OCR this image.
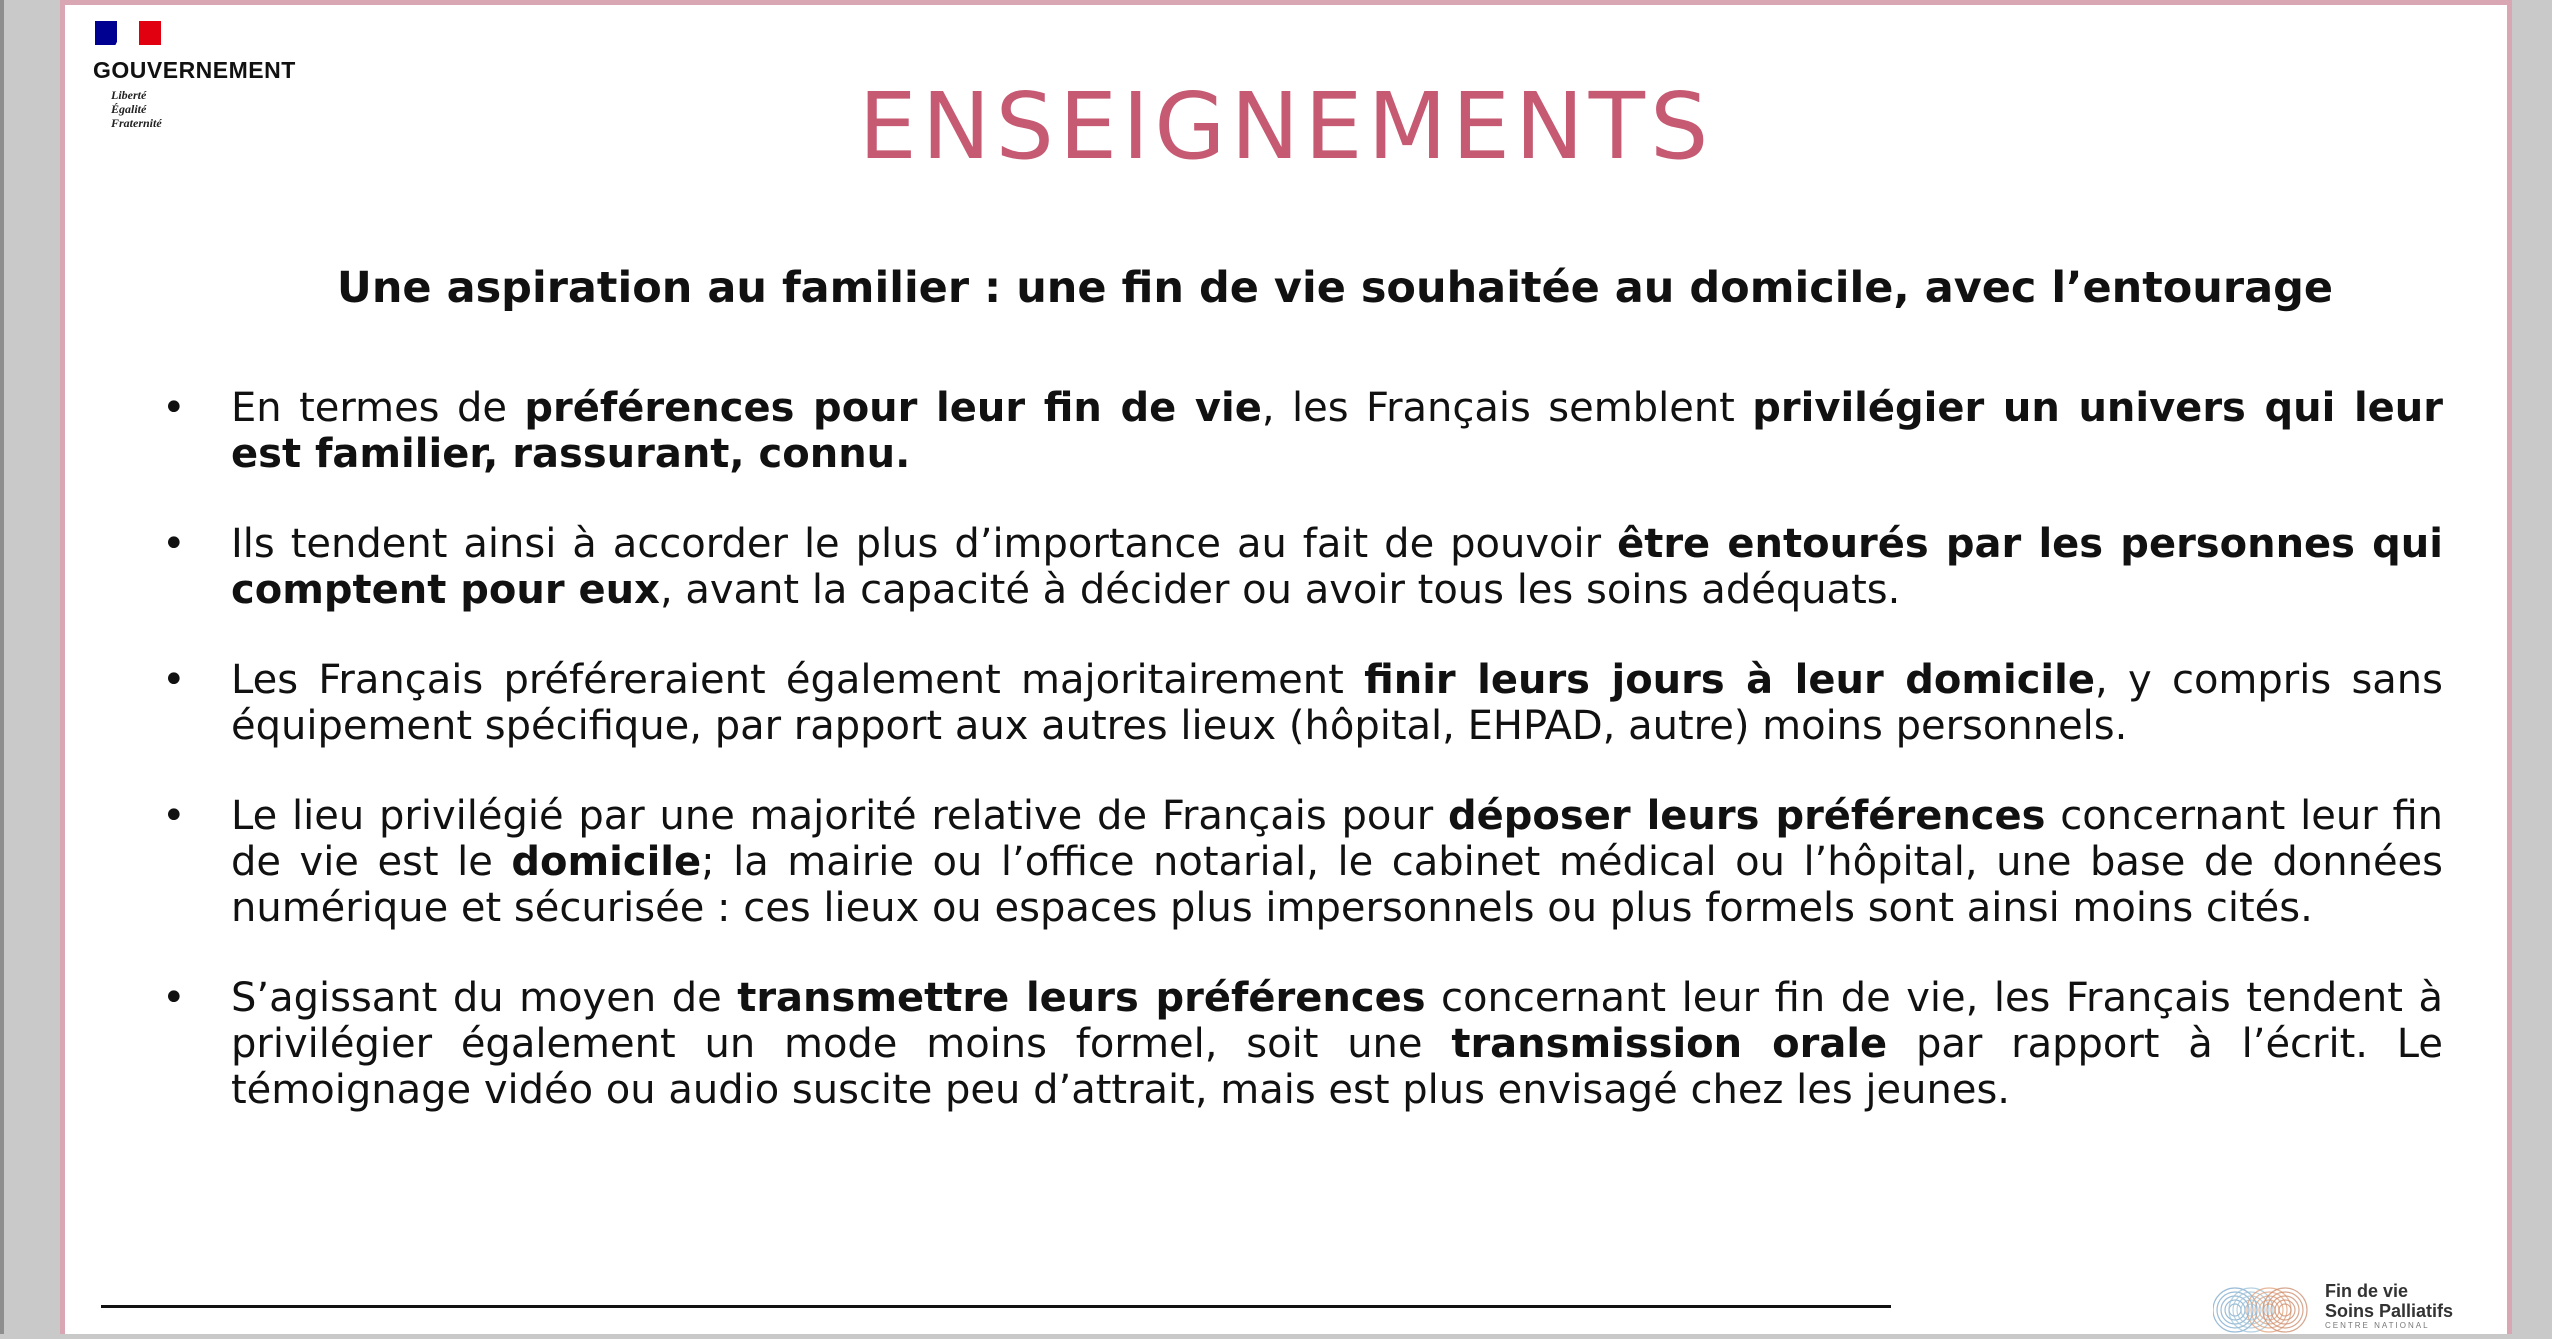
GOUVERNEMENT
Liberté
Égalité
Fraternité	ENSEIGNEMENTS
Une aspiration au familier : une fin de vie souhaitée au domicile, avec l’entourage
• En termes de préférences pour leur fin de vie, les Français semblent privilégier un univers qui leur est familier, rassurant, connu.
• Ils tendent ainsi à accorder le plus d’importance au fait de pouvoir être entourés par les personnes qui comptent pour eux, avant la capacité à décider ou avoir tous les soins adéquats.
• Les Français préféreraient également majoritairement finir leurs jours à leur domicile, y compris sans équipement spécifique, par rapport aux autres lieux (hôpital, EHPAD, autre) moins personnels.
• Le lieu privilégié par une majorité relative de Français pour déposer leurs préférences concernant leur fin de vie est le domicile; la mairie ou l’office notarial, le cabinet médical ou l’hôpital, une base de données numérique et sécurisée : ces lieux ou espaces plus impersonnels ou plus formels sont ainsi moins cités.
• S’agissant du moyen de transmettre leurs préférences concernant leur fin de vie, les Français tendent à privilégier également un mode moins formel, soit une transmission orale par rapport à l’écrit. Le témoignage vidéo ou audio suscite peu d’attrait, mais est plus envisagé chez les jeunes.
Fin de vie
Soins Palliatifs
CENTRE NATIONAL
